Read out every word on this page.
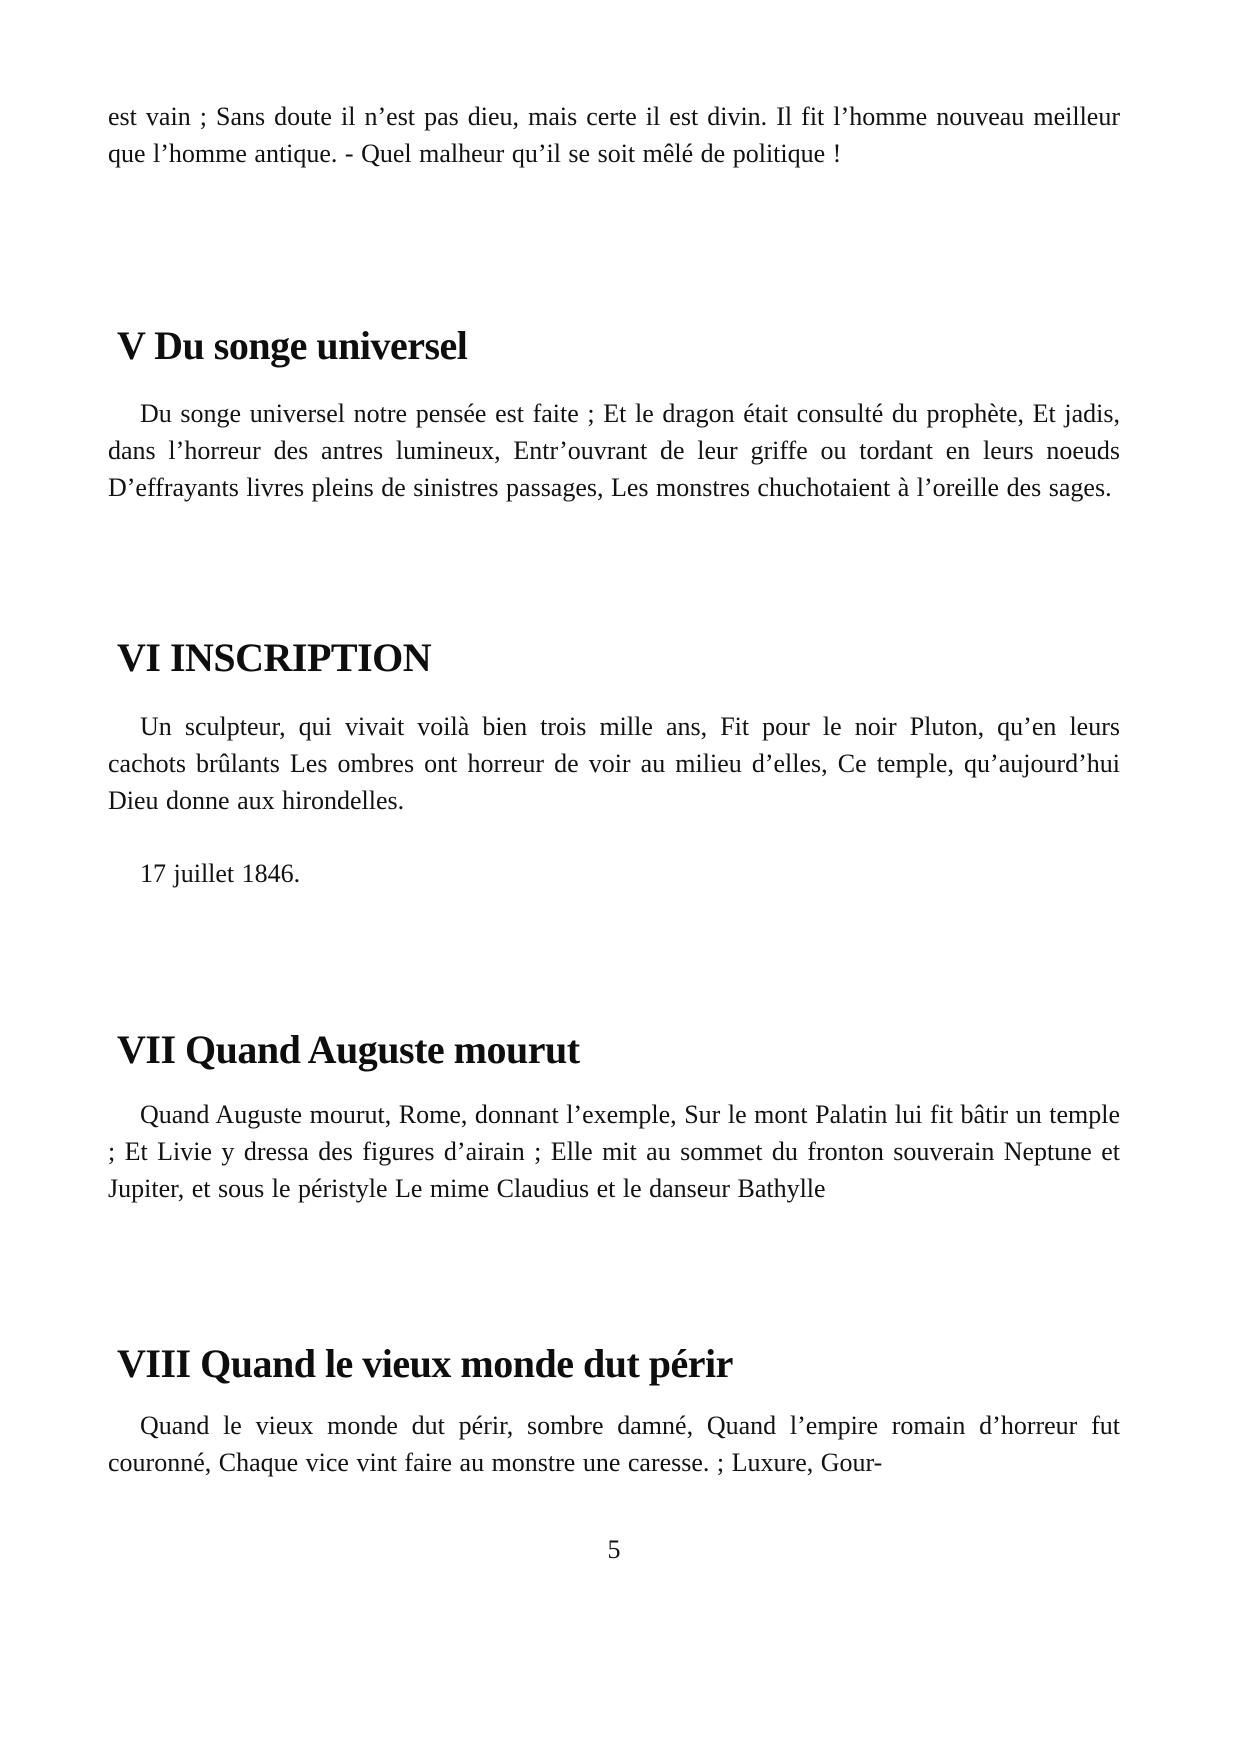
est vain ; Sans doute il n’est pas dieu, mais certe il est divin. Il fit l’homme nouveau meilleur que l’homme antique. - Quel malheur qu’il se soit mêlé de politique !

V Du songe universel

Du songe universel notre pensée est faite ; Et le dragon était consulté du prophète, Et jadis, dans l’horreur des antres lumineux, Entr’ouvrant de leur griffe ou tordant en leurs noeuds D’effrayants livres pleins de sinistres passages, Les monstres chuchotaient à l’oreille des sages.

VI INSCRIPTION

Un sculpteur, qui vivait voilà bien trois mille ans, Fit pour le noir Pluton, qu’en leurs cachots brûlants Les ombres ont horreur de voir au milieu d’elles, Ce temple, qu’aujourd’hui Dieu donne aux hirondelles.

17 juillet 1846.

VII Quand Auguste mourut

Quand Auguste mourut, Rome, donnant l’exemple, Sur le mont Palatin lui fit bâtir un temple ; Et Livie y dressa des figures d’airain ; Elle mit au sommet du fronton souverain Neptune et Jupiter, et sous le péristyle Le mime Claudius et le danseur Bathylle

VIII Quand le vieux monde dut périr

Quand le vieux monde dut périr, sombre damné, Quand l’empire romain d’horreur fut couronné, Chaque vice vint faire au monstre une caresse. ; Luxure, Gour-

5
